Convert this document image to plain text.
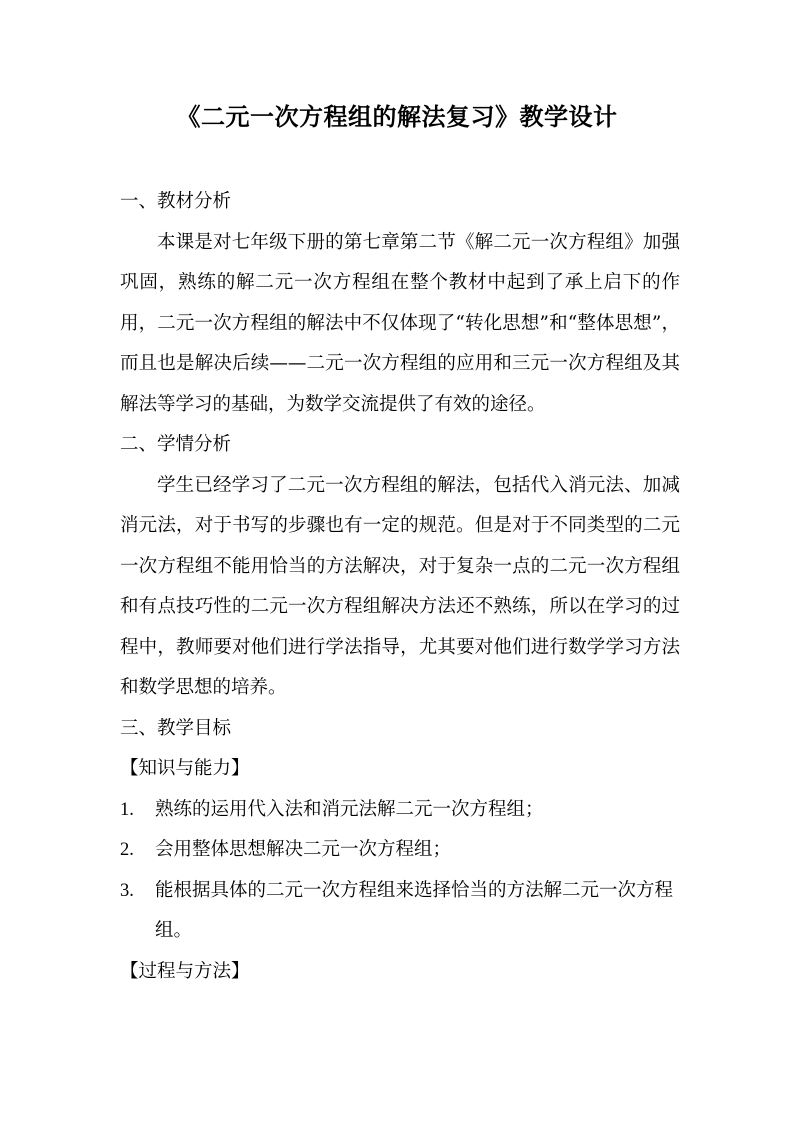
《二元一次方程组的解法复习》教学设计

一、教材分析

本课是对七年级下册的第七章第二节《解二元一次方程组》加强巩固，熟练的解二元一次方程组在整个教材中起到了承上启下的作用，二元一次方程组的解法中不仅体现了“转化思想”和“整体思想”，而且也是解决后续——二元一次方程组的应用和三元一次方程组及其解法等学习的基础，为数学交流提供了有效的途径。

二、学情分析

学生已经学习了二元一次方程组的解法，包括代入消元法、加减消元法，对于书写的步骤也有一定的规范。但是对于不同类型的二元一次方程组不能用恰当的方法解决，对于复杂一点的二元一次方程组和有点技巧性的二元一次方程组解决方法还不熟练，所以在学习的过程中，教师要对他们进行学法指导，尤其要对他们进行数学学习方法和数学思想的培养。

三、教学目标

【知识与能力】

1. 熟练的运用代入法和消元法解二元一次方程组；
2. 会用整体思想解决二元一次方程组；
3. 能根据具体的二元一次方程组来选择恰当的方法解二元一次方程组。

【过程与方法】
